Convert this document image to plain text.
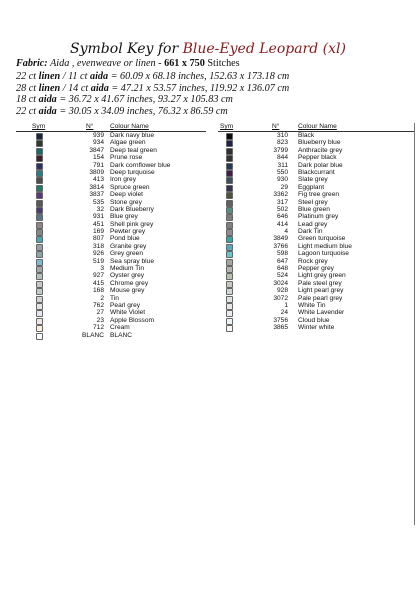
Symbol Key for Blue-Eyed Leopard (xl)
Fabric: Aida , evenweave or linen - 661 x 750 Stitches
22 ct linen / 11 ct aida = 60.09 x 68.18 inches, 152.63 x 173.18 cm
28 ct linen / 14 ct aida = 47.21 x 53.57 inches, 119.92 x 136.07 cm
18 ct aida = 36.72 x 41.67 inches, 93.27 x 105.83 cm
22 ct aida = 30.05 x 34.09 inches, 76.32 x 86.59 cm
Sym	N°	Colour Name
939 Dark navy blue
934 Algae green
3847 Deep teal green
154 Prune rose
791 Dark cornflower blue
3809 Deep turquoise
413 Iron grey
3814 Spruce green
3837 Deep violet
535 Stone grey
32 Dark Blueberry
931 Blue grey
451 Shell pink grey
169 Pewter grey
807 Pond blue
318 Granite grey
926 Grey green
519 Sea spray blue
3 Medium Tin
927 Oyster grey
415 Chrome grey
168 Mouse grey
2 Tin
762 Pearl grey
27 White Violet
23 Apple Blossom
712 Cream
BLANC BLANC
Sym	N°	Colour Name
310 Black
823 Blueberry blue
3799 Anthracite grey
844 Pepper black
311 Dark polar blue
550 Blackcurrant
930 Slate grey
29 Eggplant
3362 Fig tree green
317 Steel grey
502 Blue green
646 Platinum grey
414 Lead grey
4 Dark Tin
3849 Green turquoise
3766 Light medium blue
598 Lagoon turquoise
647 Rock grey
648 Pepper grey
524 Light grey green
3024 Pale steel grey
928 Light pearl grey
3072 Pale pearl grey
1 White Tin
24 White Lavender
3756 Cloud blue
3865 Winter white
